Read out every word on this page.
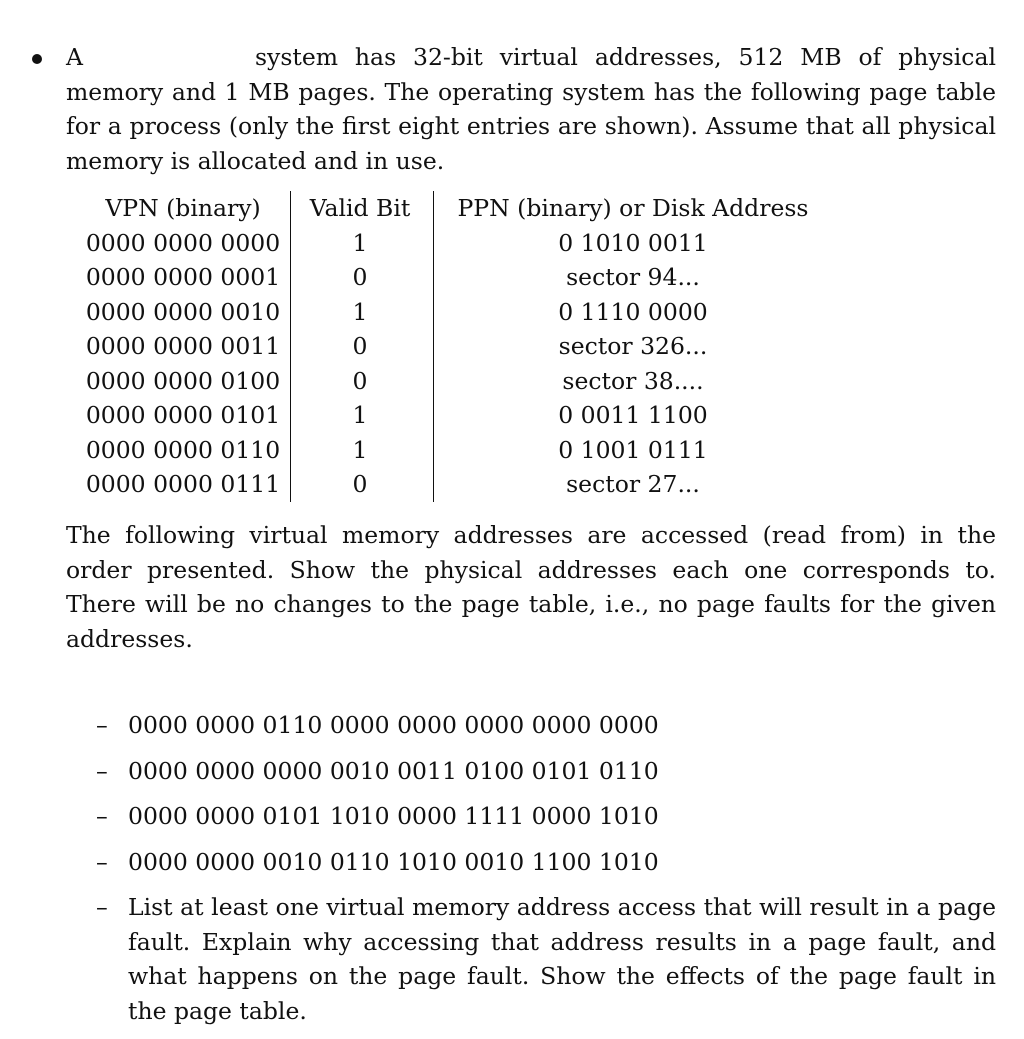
A	system has 32-bit virtual addresses, 512 MB of physical memory and 1 MB pages. The operating system has the following page table for a process (only the first eight entries are shown). Assume that all physical memory is allocated and in use.

VPN (binary)	Valid Bit	PPN (binary) or Disk Address
0000 0000 0000	1	0 1010 0011
0000 0000 0001	0	sector 94...
0000 0000 0010	1	0 1110 0000
0000 0000 0011	0	sector 326...
0000 0000 0100	0	sector 38....
0000 0000 0101	1	0 0011 1100
0000 0000 0110	1	0 1001 0111
0000 0000 0111	0	sector 27...

The following virtual memory addresses are accessed (read from) in the order presented. Show the physical addresses each one corresponds to. There will be no changes to the page table, i.e., no page faults for the given addresses.

– 0000 0000 0110 0000 0000 0000 0000 0000
– 0000 0000 0000 0010 0011 0100 0101 0110
– 0000 0000 0101 1010 0000 1111 0000 1010
– 0000 0000 0010 0110 1010 0010 1100 1010
– List at least one virtual memory address access that will result in a page fault. Explain why accessing that address results in a page fault, and what happens on the page fault. Show the effects of the page fault in the page table.
